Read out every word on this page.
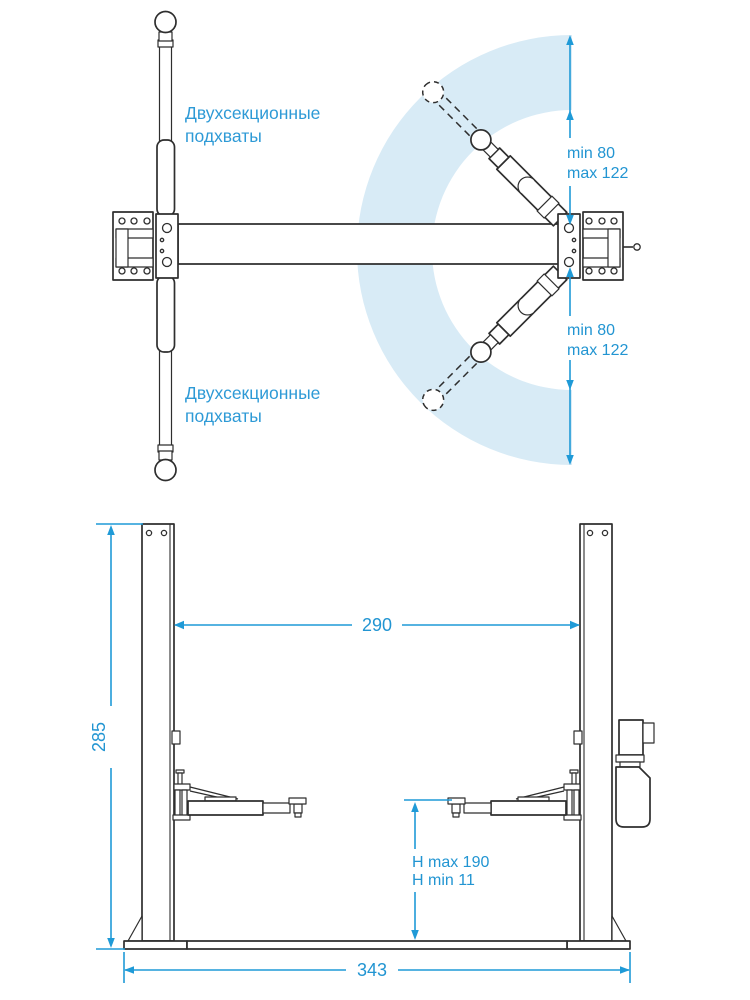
Двухсекционные
подхваты
Двухсекционные
подхваты
min 80
max 122
min 80
max 122
290
285
H max 190
H min 11
343
